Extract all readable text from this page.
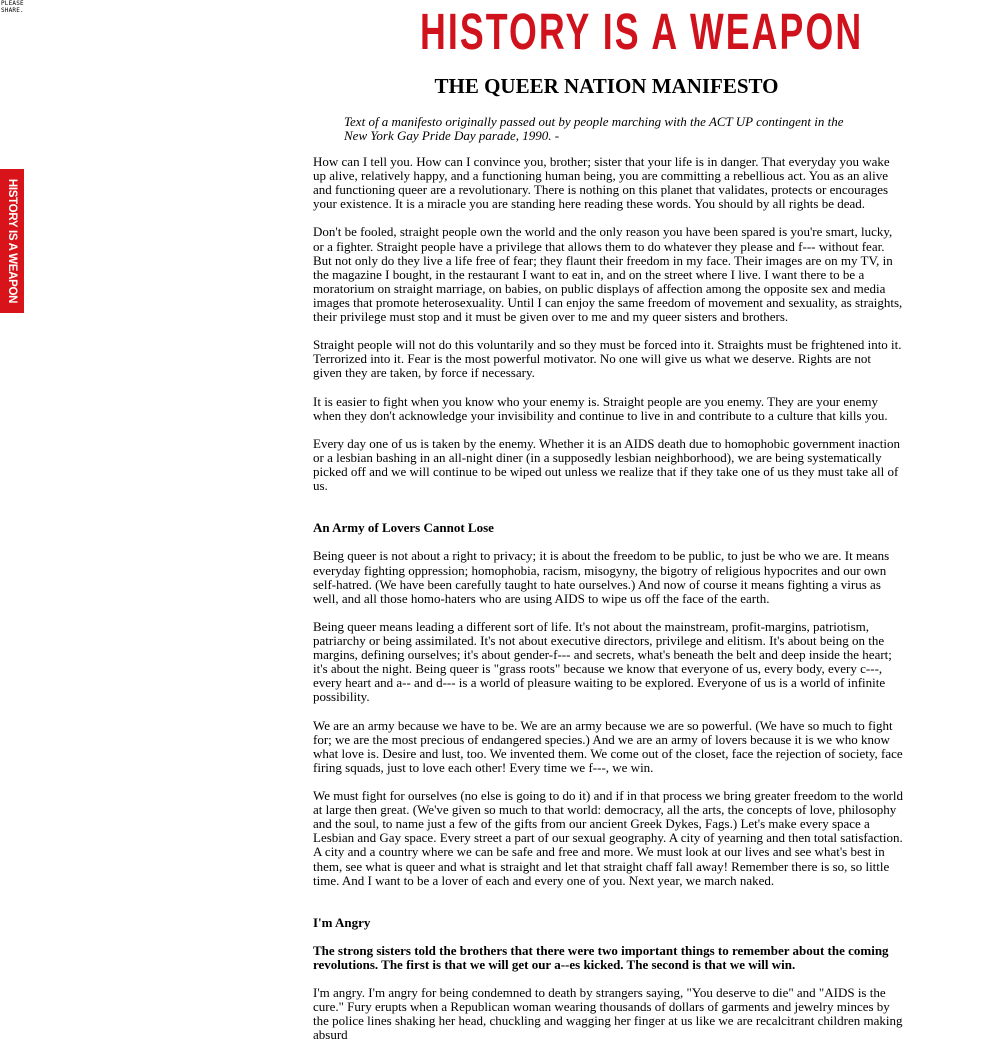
PLEASE
SHARE.
HISTORY IS A WEAPON
HISTORY IS A WEAPON
THE QUEER NATION MANIFESTO

Text of a manifesto originally passed out by people marching with the ACT UP contingent in the New York Gay Pride Day parade, 1990. -

How can I tell you. How can I convince you, brother; sister that your life is in danger. That everyday you wake up alive, relatively happy, and a functioning human being, you are committing a rebellious act. You as an alive and functioning queer are a revolutionary. There is nothing on this planet that validates, protects or encourages your existence. It is a miracle you are standing here reading these words. You should by all rights be dead.

Don't be fooled, straight people own the world and the only reason you have been spared is you're smart, lucky, or a fighter. Straight people have a privilege that allows them to do whatever they please and f--- without fear. But not only do they live a life free of fear; they flaunt their freedom in my face. Their images are on my TV, in the magazine I bought, in the restaurant I want to eat in, and on the street where I live. I want there to be a moratorium on straight marriage, on babies, on public displays of affection among the opposite sex and media images that promote heterosexuality. Until I can enjoy the same freedom of movement and sexuality, as straights, their privilege must stop and it must be given over to me and my queer sisters and brothers.

Straight people will not do this voluntarily and so they must be forced into it. Straights must be frightened into it. Terrorized into it. Fear is the most powerful motivator. No one will give us what we deserve. Rights are not given they are taken, by force if necessary.

It is easier to fight when you know who your enemy is. Straight people are you enemy. They are your enemy when they don't acknowledge your invisibility and continue to live in and contribute to a culture that kills you.

Every day one of us is taken by the enemy. Whether it is an AIDS death due to homophobic government inaction or a lesbian bashing in an all-night diner (in a supposedly lesbian neighborhood), we are being systematically picked off and we will continue to be wiped out unless we realize that if they take one of us they must take all of us.

An Army of Lovers Cannot Lose

Being queer is not about a right to privacy; it is about the freedom to be public, to just be who we are. It means everyday fighting oppression; homophobia, racism, misogyny, the bigotry of religious hypocrites and our own self-hatred. (We have been carefully taught to hate ourselves.) And now of course it means fighting a virus as well, and all those homo-haters who are using AIDS to wipe us off the face of the earth.

Being queer means leading a different sort of life. It's not about the mainstream, profit-margins, patriotism, patriarchy or being assimilated. It's not about executive directors, privilege and elitism. It's about being on the margins, defining ourselves; it's about gender-f--- and secrets, what's beneath the belt and deep inside the heart; it's about the night. Being queer is "grass roots" because we know that everyone of us, every body, every c---, every heart and a-- and d--- is a world of pleasure waiting to be explored. Everyone of us is a world of infinite possibility.

We are an army because we have to be. We are an army because we are so powerful. (We have so much to fight for; we are the most precious of endangered species.) And we are an army of lovers because it is we who know what love is. Desire and lust, too. We invented them. We come out of the closet, face the rejection of society, face firing squads, just to love each other! Every time we f---, we win.

We must fight for ourselves (no else is going to do it) and if in that process we bring greater freedom to the world at large then great. (We've given so much to that world: democracy, all the arts, the concepts of love, philosophy and the soul, to name just a few of the gifts from our ancient Greek Dykes, Fags.) Let's make every space a Lesbian and Gay space. Every street a part of our sexual geography. A city of yearning and then total satisfaction. A city and a country where we can be safe and free and more. We must look at our lives and see what's best in them, see what is queer and what is straight and let that straight chaff fall away! Remember there is so, so little time. And I want to be a lover of each and every one of you. Next year, we march naked.

I'm Angry

The strong sisters told the brothers that there were two important things to remember about the coming revolutions. The first is that we will get our a--es kicked. The second is that we will win.

I'm angry. I'm angry for being condemned to death by strangers saying, "You deserve to die" and "AIDS is the cure." Fury erupts when a Republican woman wearing thousands of dollars of garments and jewelry minces by the police lines shaking her head, chuckling and wagging her finger at us like we are recalcitrant children making absurd
